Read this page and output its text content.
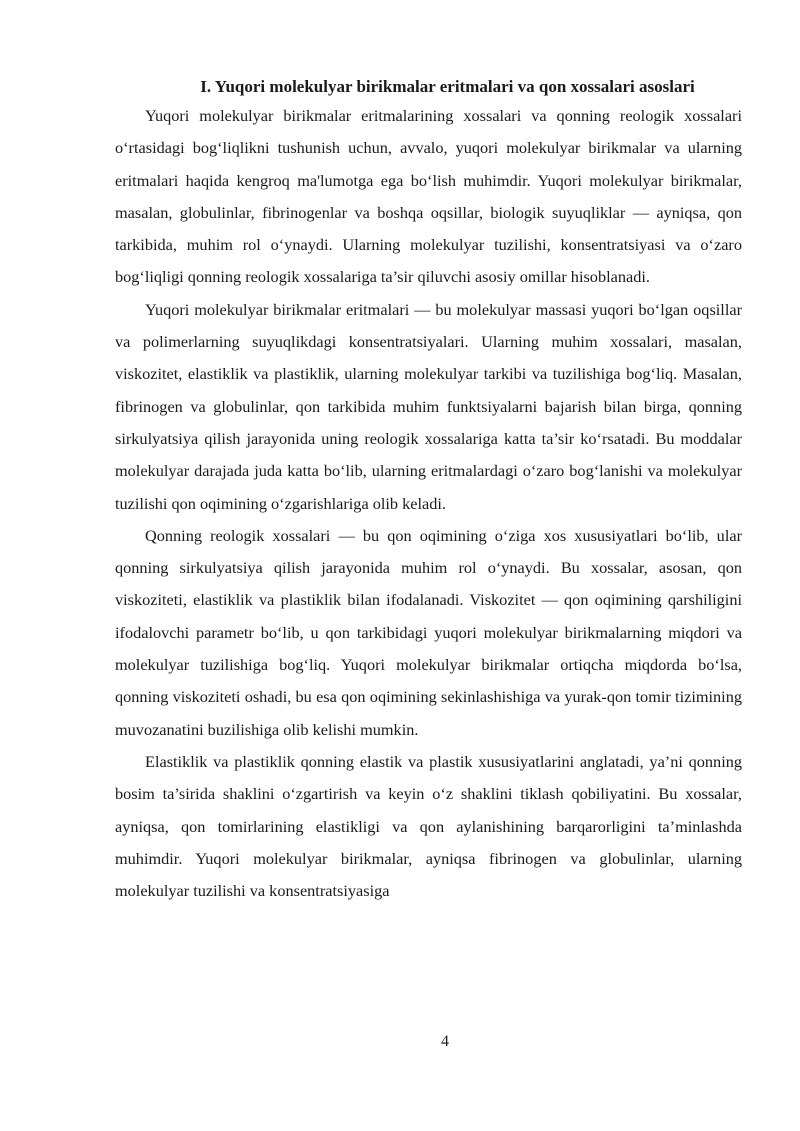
I. Yuqori molekulyar birikmalar eritmalari va qon xossalari asoslari

Yuqori molekulyar birikmalar eritmalarining xossalari va qonning reologik xossalari o‘rtasidagi bog‘liqlikni tushunish uchun, avvalo, yuqori molekulyar birikmalar va ularning eritmalari haqida kengroq ma'lumotga ega bo‘lish muhimdir. Yuqori molekulyar birikmalar, masalan, globulinlar, fibrinogenlar va boshqa oqsillar, biologik suyuqliklar — ayniqsa, qon tarkibida, muhim rol o‘ynaydi. Ularning molekulyar tuzilishi, konsentratsiyasi va o‘zaro bog‘liqligi qonning reologik xossalariga ta’sir qiluvchi asosiy omillar hisoblanadi.

Yuqori molekulyar birikmalar eritmalari — bu molekulyar massasi yuqori bo‘lgan oqsillar va polimerlarning suyuqlikdagi konsentratsiyalari. Ularning muhim xossalari, masalan, viskozitet, elastiklik va plastiklik, ularning molekulyar tarkibi va tuzilishiga bog‘liq. Masalan, fibrinogen va globulinlar, qon tarkibida muhim funktsiyalarni bajarish bilan birga, qonning sirkulyatsiya qilish jarayonida uning reologik xossalariga katta ta’sir ko‘rsatadi. Bu moddalar molekulyar darajada juda katta bo‘lib, ularning eritmalardagi o‘zaro bog‘lanishi va molekulyar tuzilishi qon oqimining o‘zgarishlariga olib keladi.

Qonning reologik xossalari — bu qon oqimining o‘ziga xos xususiyatlari bo‘lib, ular qonning sirkulyatsiya qilish jarayonida muhim rol o‘ynaydi. Bu xossalar, asosan, qon viskoziteti, elastiklik va plastiklik bilan ifodalanadi. Viskozitet — qon oqimining qarshiligini ifodalovchi parametr bo‘lib, u qon tarkibidagi yuqori molekulyar birikmalarning miqdori va molekulyar tuzilishiga bog‘liq. Yuqori molekulyar birikmalar ortiqcha miqdorda bo‘lsa, qonning viskoziteti oshadi, bu esa qon oqimining sekinlashishiga va yurak-qon tomir tizimining muvozanatini buzilishiga olib kelishi mumkin.

Elastiklik va plastiklik qonning elastik va plastik xususiyatlarini anglatadi, ya’ni qonning bosim ta’sirida shaklini o‘zgartirish va keyin o‘z shaklini tiklash qobiliyatini. Bu xossalar, ayniqsa, qon tomirlarining elastikligi va qon aylanishining barqarorligini ta’minlashda muhimdir. Yuqori molekulyar birikmalar, ayniqsa fibrinogen va globulinlar, ularning molekulyar tuzilishi va konsentratsiyasiga

4
